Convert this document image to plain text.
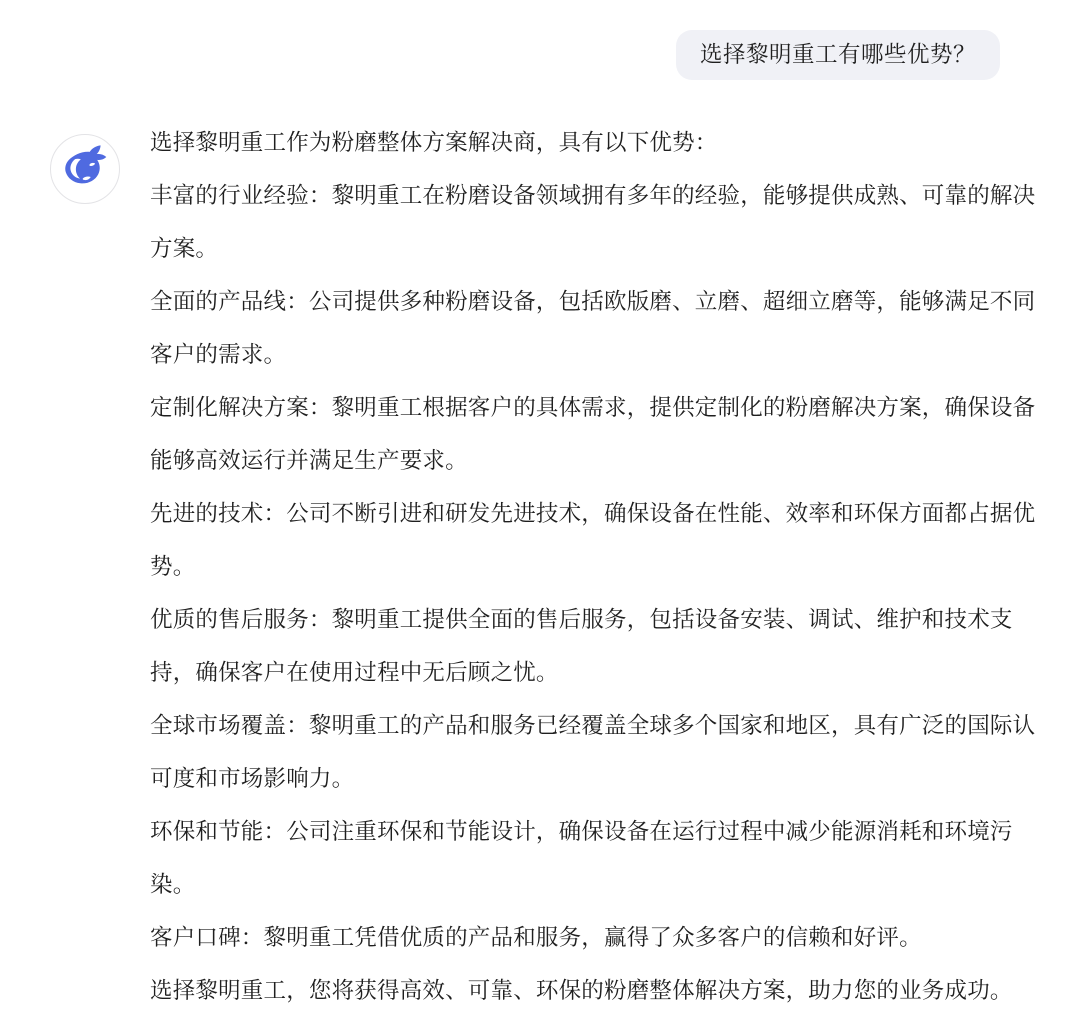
选择黎明重工有哪些优势？

选择黎明重工作为粉磨整体方案解决商，具有以下优势：

丰富的行业经验：黎明重工在粉磨设备领域拥有多年的经验，能够提供成熟、可靠的解决方案。

全面的产品线：公司提供多种粉磨设备，包括欧版磨、立磨、超细立磨等，能够满足不同客户的需求。

定制化解决方案：黎明重工根据客户的具体需求，提供定制化的粉磨解决方案，确保设备能够高效运行并满足生产要求。

先进的技术：公司不断引进和研发先进技术，确保设备在性能、效率和环保方面都占据优势。

优质的售后服务：黎明重工提供全面的售后服务，包括设备安装、调试、维护和技术支持，确保客户在使用过程中无后顾之忧。

全球市场覆盖：黎明重工的产品和服务已经覆盖全球多个国家和地区，具有广泛的国际认可度和市场影响力。

环保和节能：公司注重环保和节能设计，确保设备在运行过程中减少能源消耗和环境污染。

客户口碑：黎明重工凭借优质的产品和服务，赢得了众多客户的信赖和好评。

选择黎明重工，您将获得高效、可靠、环保的粉磨整体解决方案，助力您的业务成功。
